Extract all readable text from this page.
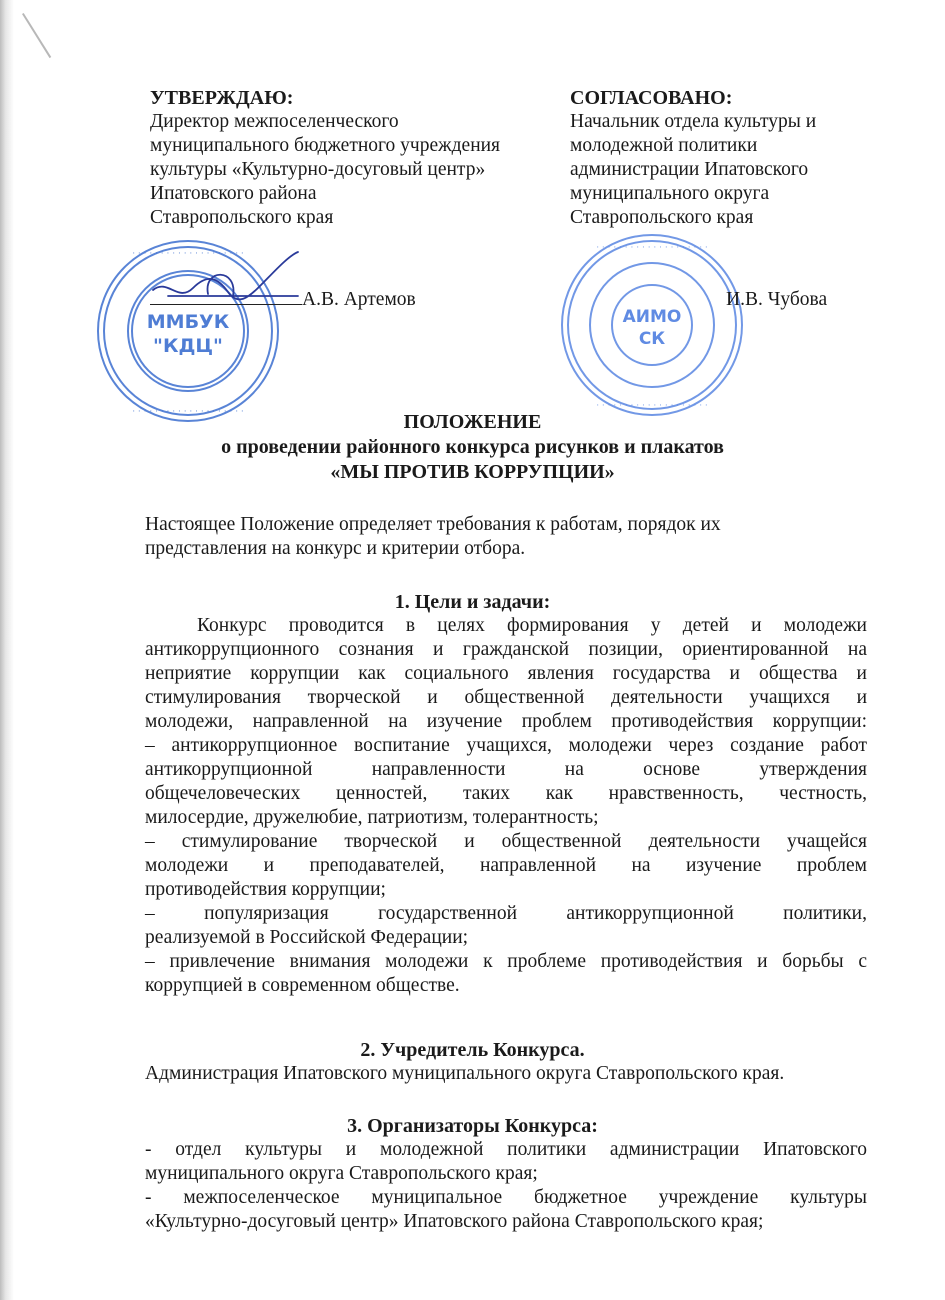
УТВЕРЖДАЮ:
Директор межпоселенческого
муниципального бюджетного учреждения
культуры «Культурно-досуговый центр»
Ипатовского района
Ставропольского края
СОГЛАСОВАНО:
Начальник отдела культуры и
молодежной политики
администрации Ипатовского
муниципального округа
Ставропольского края
· · · · · · · · · · · · · · · · · · · ·
· · · · · · · · · · · · · · · · · · · ·
ММБУК
"КДЦ"
А.В. Артемов
· · · · · · · · · · · · · · · · · · · ·
· · · · · · · · · · · · · · · · · · · ·
АИМО
СК
И.В. Чубова
ПОЛОЖЕНИЕ
о проведении районного конкурса рисунков и плакатов
«МЫ ПРОТИВ КОРРУПЦИИ»
Настоящее Положение определяет требования к работам, порядок их
представления на конкурс и критерии отбора.
1. Цели и задачи:
Конкурс проводится в целях формирования у детей и молодежи
антикоррупционного сознания и гражданской позиции, ориентированной на
неприятие коррупции как социального явления государства и общества и
стимулирования творческой и общественной деятельности учащихся и
молодежи, направленной на изучение проблем противодействия коррупции:
– антикоррупционное воспитание учащихся, молодежи через создание работ
антикоррупционной направленности на основе утверждения
общечеловеческих ценностей, таких как нравственность, честность,
милосердие, дружелюбие, патриотизм, толерантность;
– стимулирование творческой и общественной деятельности учащейся
молодежи и преподавателей, направленной на изучение проблем
противодействия коррупции;
– популяризация государственной антикоррупционной политики,
реализуемой в Российской Федерации;
– привлечение внимания молодежи к проблеме противодействия и борьбы с
коррупцией в современном обществе.
2. Учредитель Конкурса.
Администрация Ипатовского муниципального округа Ставропольского края.
3. Организаторы Конкурса:
- отдел культуры и молодежной политики администрации Ипатовского
муниципального округа Ставропольского края;
- межпоселенческое муниципальное бюджетное учреждение культуры
«Культурно-досуговый центр» Ипатовского района Ставропольского края;
